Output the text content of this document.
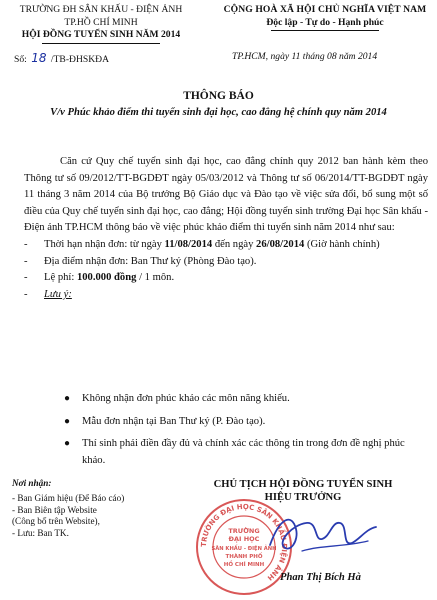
TRƯỜNG ĐH SÂN KHẤU - ĐIỆN ẢNH
TP.HỒ CHÍ MINH
HỘI ĐỒNG TUYỂN SINH NĂM 2014
Số: 18 /TB-ĐHSKĐA
CỘNG HOÀ XÃ HỘI CHỦ NGHĨA VIỆT NAM
Độc lập - Tự do - Hạnh phúc
TP.HCM, ngày 11 tháng 08 năm 2014
THÔNG BÁO
V/v Phúc khảo điểm thi tuyển sinh đại học, cao đẳng hệ chính quy năm 2014

Căn cứ Quy chế tuyển sinh đại học, cao đẳng chính quy 2012 ban hành kèm theo Thông tư số 09/2012/TT-BGDĐT ngày 05/03/2012 và Thông tư số 06/2014/TT-BGDĐT ngày 11 tháng 3 năm 2014 của Bộ trưởng Bộ Giáo dục và Đào tạo về việc sửa đổi, bổ sung một số điều của Quy chế tuyển sinh đại học, cao đẳng; Hội đồng tuyển sinh trường Đại học Sân khấu - Điện ảnh TP.HCM thông báo về việc phúc khảo điểm thi tuyển sinh năm 2014 như sau:

- Thời hạn nhận đơn: từ ngày 11/08/2014 đến ngày 26/08/2014 (Giờ hành chính)
- Địa điểm nhận đơn: Ban Thư ký (Phòng Đào tạo).
- Lệ phí: 100.000 đồng / 1 môn.
- Lưu ý:
● Không nhận đơn phúc khảo các môn năng khiếu.
● Mẫu đơn nhận tại Ban Thư ký (P. Đào tạo).
● Thí sinh phải điền đầy đủ và chính xác các thông tin trong đơn đề nghị phúc khảo.
Nơi nhận:
- Ban Giám hiệu (Để Báo cáo)
- Ban Biên tập Website
(Công bố trên Website),
- Lưu: Ban TK.
CHỦ TỊCH HỘI ĐỒNG TUYỂN SINH
HIỆU TRƯỞNG
TRƯỜNG ĐẠI HỌC SÂN KHẤU ĐIỆN ẢNH
TRƯỜNG
ĐẠI HỌC
SÂN KHẤU - ĐIỆN ẢNH
THÀNH PHỐ
HỒ CHÍ MINH
Phan Thị Bích Hà
